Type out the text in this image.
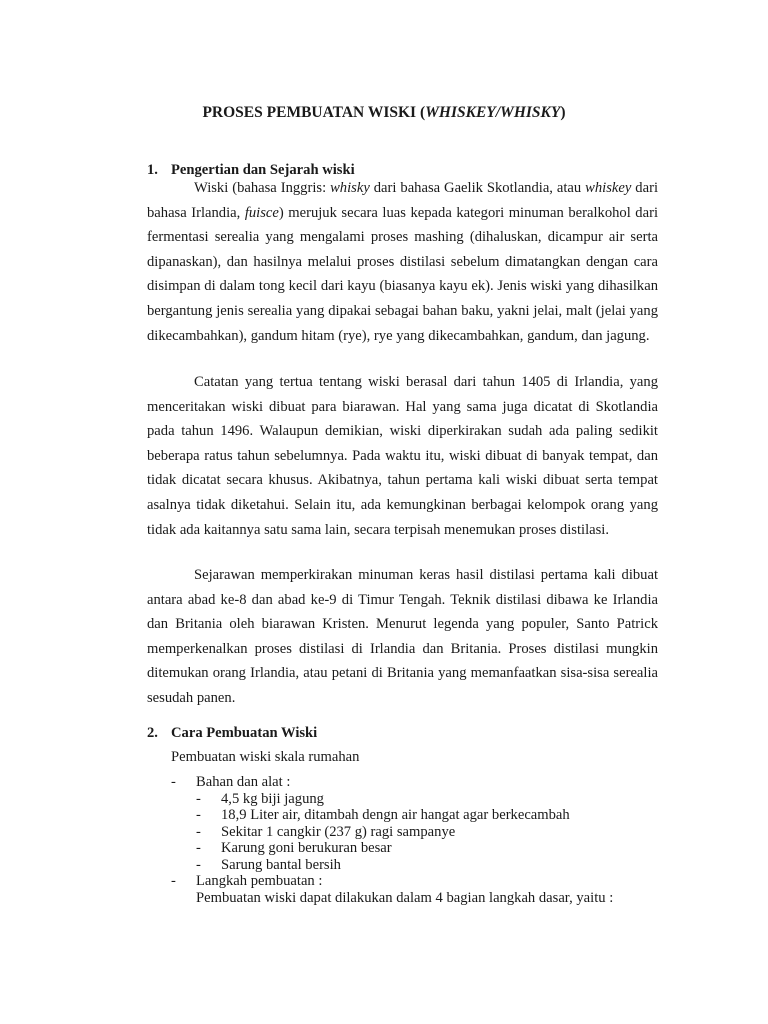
PROSES PEMBUATAN WISKI (WHISKEY/WHISKY)
1. Pengertian dan Sejarah wiski

Wiski (bahasa Inggris: whisky dari bahasa Gaelik Skotlandia, atau whiskey dari bahasa Irlandia, fuisce) merujuk secara luas kepada kategori minuman beralkohol dari fermentasi serealia yang mengalami proses mashing (dihaluskan, dicampur air serta dipanaskan), dan hasilnya melalui proses distilasi sebelum dimatangkan dengan cara disimpan di dalam tong kecil dari kayu (biasanya kayu ek). Jenis wiski yang dihasilkan bergantung jenis serealia yang dipakai sebagai bahan baku, yakni jelai, malt (jelai yang dikecambahkan), gandum hitam (rye), rye yang dikecambahkan, gandum, dan jagung.

Catatan yang tertua tentang wiski berasal dari tahun 1405 di Irlandia, yang menceritakan wiski dibuat para biarawan. Hal yang sama juga dicatat di Skotlandia pada tahun 1496. Walaupun demikian, wiski diperkirakan sudah ada paling sedikit beberapa ratus tahun sebelumnya. Pada waktu itu, wiski dibuat di banyak tempat, dan tidak dicatat secara khusus. Akibatnya, tahun pertama kali wiski dibuat serta tempat asalnya tidak diketahui. Selain itu, ada kemungkinan berbagai kelompok orang yang tidak ada kaitannya satu sama lain, secara terpisah menemukan proses distilasi.

Sejarawan memperkirakan minuman keras hasil distilasi pertama kali dibuat antara abad ke-8 dan abad ke-9 di Timur Tengah. Teknik distilasi dibawa ke Irlandia dan Britania oleh biarawan Kristen. Menurut legenda yang populer, Santo Patrick memperkenalkan proses distilasi di Irlandia dan Britania. Proses distilasi mungkin ditemukan orang Irlandia, atau petani di Britania yang memanfaatkan sisa-sisa serealia sesudah panen.

2. Cara Pembuatan Wiski
Pembuatan wiski skala rumahan
- Bahan dan alat :
- 4,5 kg biji jagung
- 18,9 Liter air, ditambah dengn air hangat agar berkecambah
- Sekitar 1 cangkir (237 g) ragi sampanye
- Karung goni berukuran besar
- Sarung bantal bersih
- Langkah pembuatan :
Pembuatan wiski dapat dilakukan dalam 4 bagian langkah dasar, yaitu :
